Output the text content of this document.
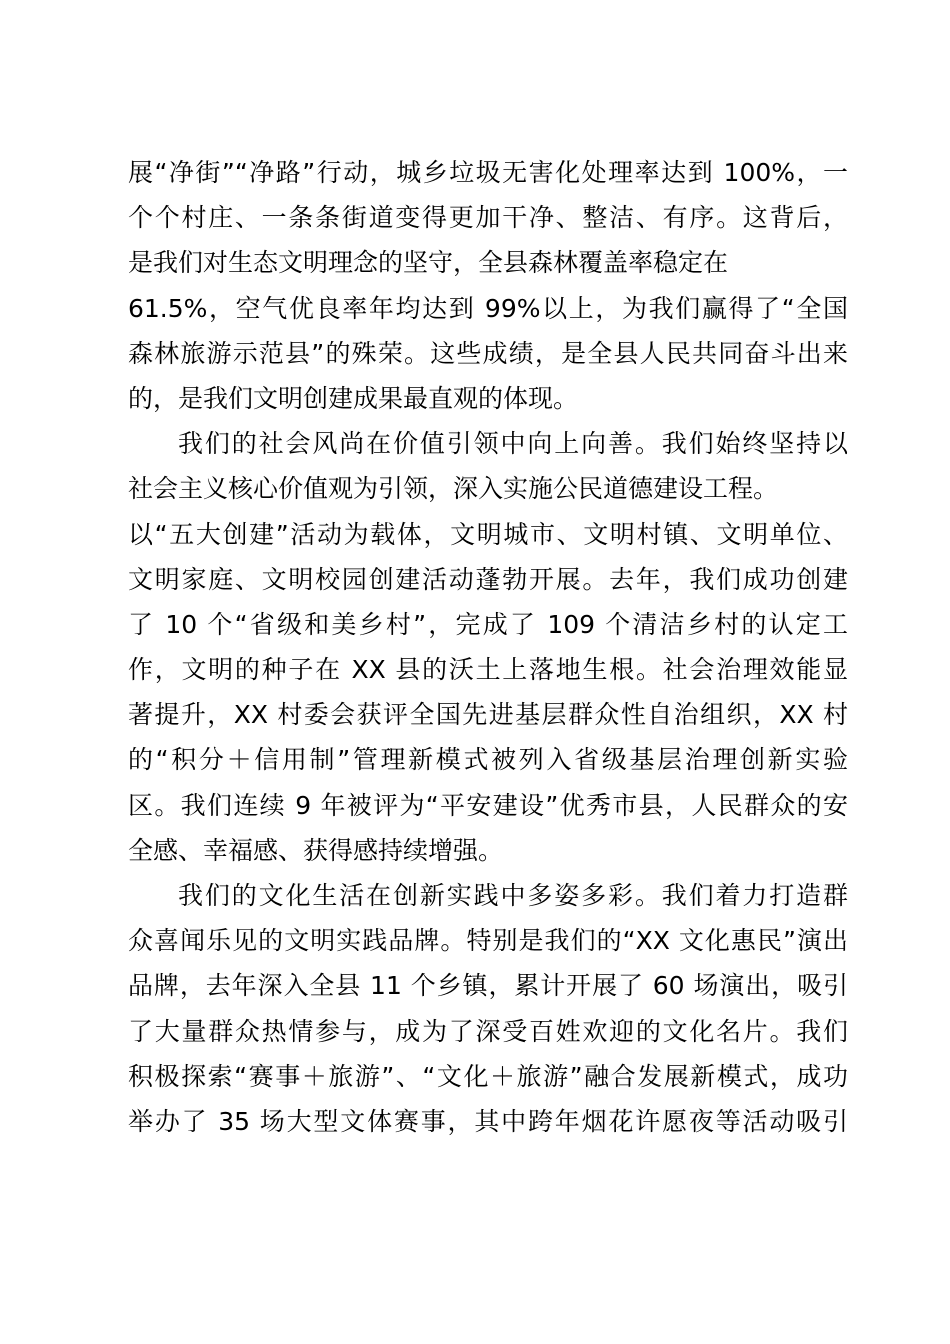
展“净街”“净路”行动，城乡垃圾无害化处理率达到 100%，一
个个村庄、一条条街道变得更加干净、整洁、有序。这背后，
是我们对生态文明理念的坚守，全县森林覆盖率稳定在
61.5%，空气优良率年均达到 99%以上，为我们赢得了“全国
森林旅游示范县”的殊荣。这些成绩，是全县人民共同奋斗出来
的，是我们文明创建成果最直观的体现。
我们的社会风尚在价值引领中向上向善。我们始终坚持以
社会主义核心价值观为引领，深入实施公民道德建设工程。
以“五大创建”活动为载体，文明城市、文明村镇、文明单位、
文明家庭、文明校园创建活动蓬勃开展。去年，我们成功创建
了 10 个“省级和美乡村”，完成了 109 个清洁乡村的认定工
作，文明的种子在 XX 县的沃土上落地生根。社会治理效能显
著提升，XX 村委会获评全国先进基层群众性自治组织，XX 村
的“积分＋信用制”管理新模式被列入省级基层治理创新实验
区。我们连续 9 年被评为“平安建设”优秀市县，人民群众的安
全感、幸福感、获得感持续增强。
我们的文化生活在创新实践中多姿多彩。我们着力打造群
众喜闻乐见的文明实践品牌。特别是我们的“XX 文化惠民”演出
品牌，去年深入全县 11 个乡镇，累计开展了 60 场演出，吸引
了大量群众热情参与，成为了深受百姓欢迎的文化名片。我们
积极探索“赛事＋旅游”、“文化＋旅游”融合发展新模式，成功
举办了 35 场大型文体赛事，其中跨年烟花许愿夜等活动吸引
